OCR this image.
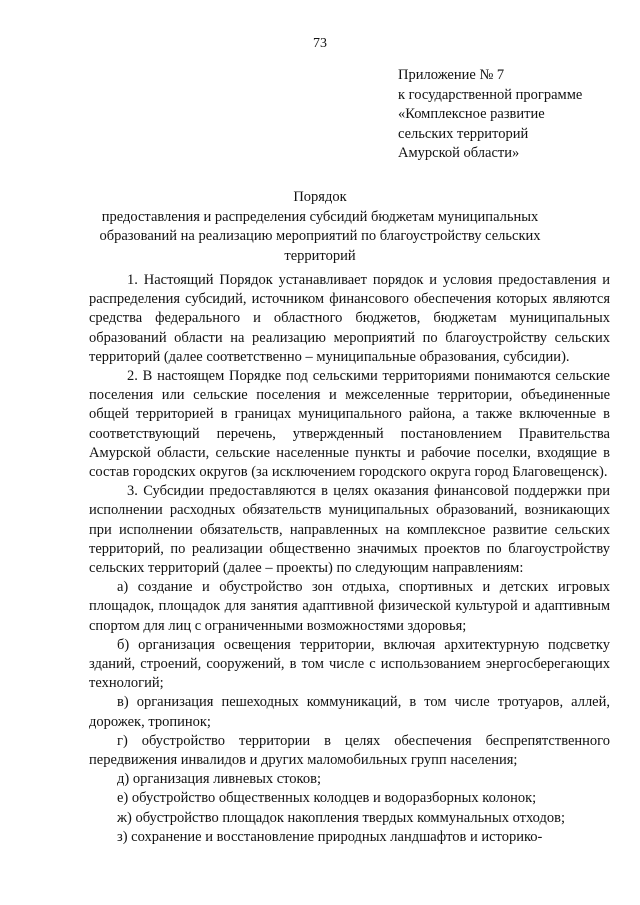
73
Приложение № 7
к государственной программе
«Комплексное развитие
сельских территорий
Амурской области»
Порядок
предоставления и распределения субсидий бюджетам муниципальных
образований на реализацию мероприятий по благоустройству сельских
территорий

1. Настоящий Порядок устанавливает порядок и условия предоставления и распределения субсидий, источником финансового обеспечения которых являются средства федерального и областного бюджетов, бюджетам муниципальных образований области на реализацию мероприятий по благоустройству сельских территорий (далее соответственно – муниципальные образования, субсидии).

2. В настоящем Порядке под сельскими территориями понимаются сельские поселения или сельские поселения и межселенные территории, объединенные общей территорией в границах муниципального района, а также включенные в соответствующий перечень, утвержденный постановлением Правительства Амурской области, сельские населенные пункты и рабочие поселки, входящие в состав городских округов (за исключением городского округа город Благовещенск).

3. Субсидии предоставляются в целях оказания финансовой поддержки при исполнении расходных обязательств муниципальных образований, возникающих при исполнении обязательств, направленных на комплексное развитие сельских территорий, по реализации общественно значимых проектов по благоустройству сельских территорий (далее – проекты) по следующим направлениям:

а) создание и обустройство зон отдыха, спортивных и детских игровых площадок, площадок для занятия адаптивной физической культурой и адаптивным спортом для лиц с ограниченными возможностями здоровья;

б) организация освещения территории, включая архитектурную подсветку зданий, строений, сооружений, в том числе с использованием энергосберегающих технологий;

в) организация пешеходных коммуникаций, в том числе тротуаров, аллей, дорожек, тропинок;

г) обустройство территории в целях обеспечения беспрепятственного передвижения инвалидов и других маломобильных групп населения;

д) организация ливневых стоков;

е) обустройство общественных колодцев и водоразборных колонок;

ж) обустройство площадок накопления твердых коммунальных отходов;

з) сохранение и восстановление природных ландшафтов и историко-
